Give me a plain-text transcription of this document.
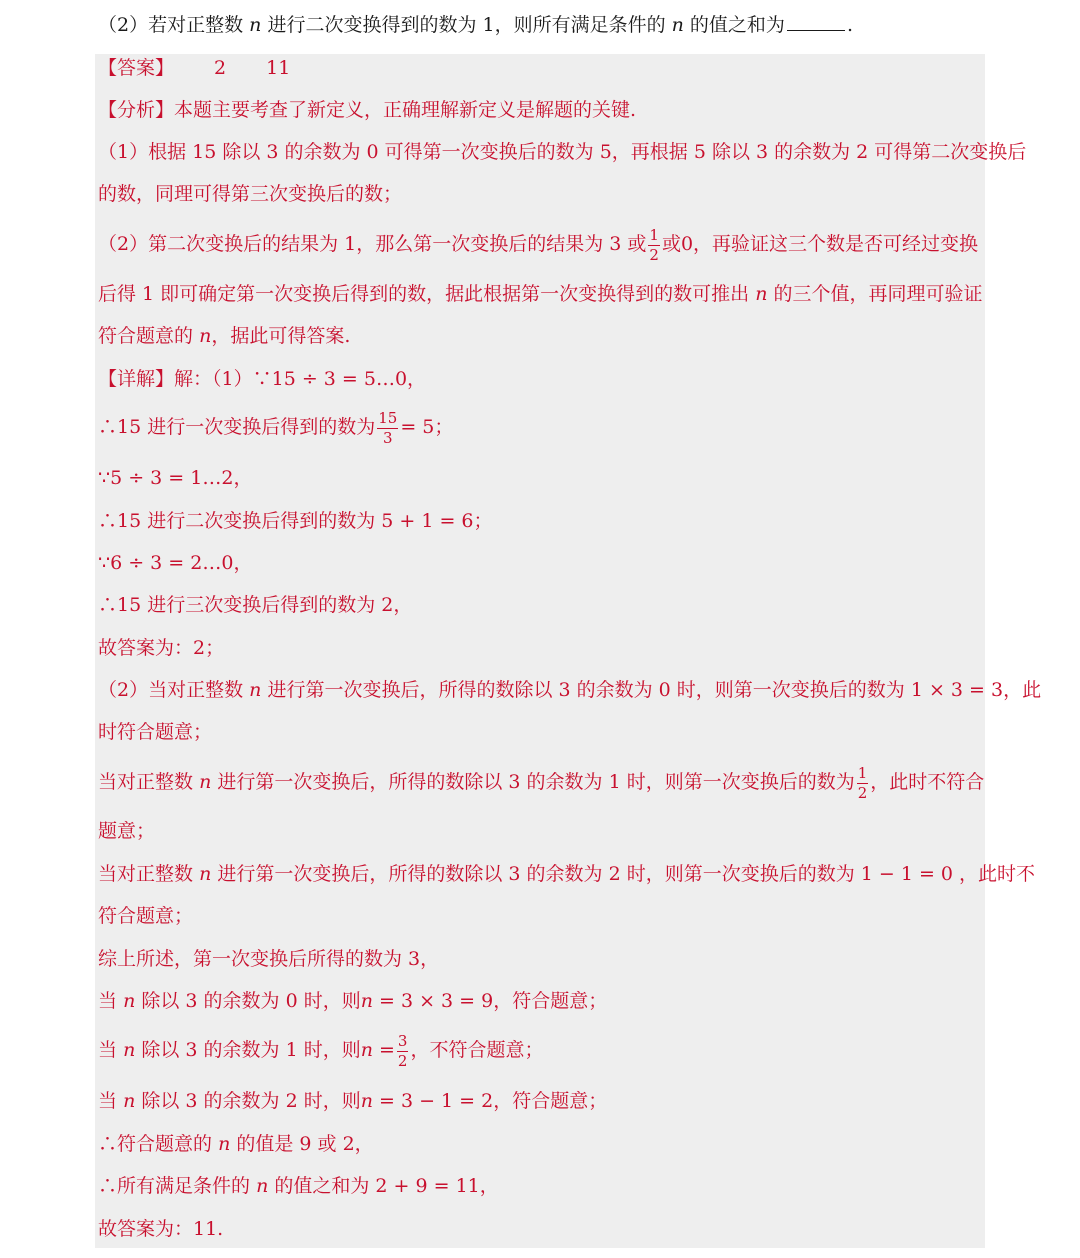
（2）若对正整数 n 进行二次变换得到的数为 1，则所有满足条件的 n 的值之和为	.
【答案】 2 11
【分析】本题主要考查了新定义，正确理解新定义是解题的关键.
（1）根据 15 除以 3 的余数为 0 可得第一次变换后的数为 5，再根据 5 除以 3 的余数为 2 可得第二次变换后
的数，同理可得第三次变换后的数；
（2）第二次变换后的结果为 1，那么第一次变换后的结果为 3 或 $\frac{1}{2}$ 或0，再验证这三个数是否可经过变换
后得 1 即可确定第一次变换后得到的数，据此根据第一次变换得到的数可推出 n 的三个值，再同理可验证
符合题意的 n，据此可得答案.
【详解】解：（1）∵15 ÷ 3 = 5…0，
∴15 进行一次变换后得到的数为 $\frac{15}{3} = 5$；
∵5 ÷ 3 = 1…2，
∴15 进行二次变换后得到的数为 5 + 1 = 6；
∵6 ÷ 3 = 2…0，
∴15 进行三次变换后得到的数为 2，
故答案为：2；
（2）当对正整数 n 进行第一次变换后，所得的数除以 3 的余数为 0 时，则第一次变换后的数为 1 × 3 = 3，此
时符合题意；
当对正整数 n 进行第一次变换后，所得的数除以 3 的余数为 1 时，则第一次变换后的数为 $\frac{1}{2}$ ，此时不符合
题意；
当对正整数 n 进行第一次变换后，所得的数除以 3 的余数为 2 时，则第一次变换后的数为 1 − 1 = 0 ，此时不
符合题意；
综上所述，第一次变换后所得的数为 3，
当 n 除以 3 的余数为 0 时，则n = 3 × 3 = 9，符合题意；
当 n 除以 3 的余数为 1 时，则$n = \frac{3}{2}$ ，不符合题意；
当 n 除以 3 的余数为 2 时，则n = 3 − 1 = 2，符合题意；
∴符合题意的 n 的值是 9 或 2，
∴所有满足条件的 n 的值之和为 2 + 9 = 11，
故答案为：11.
